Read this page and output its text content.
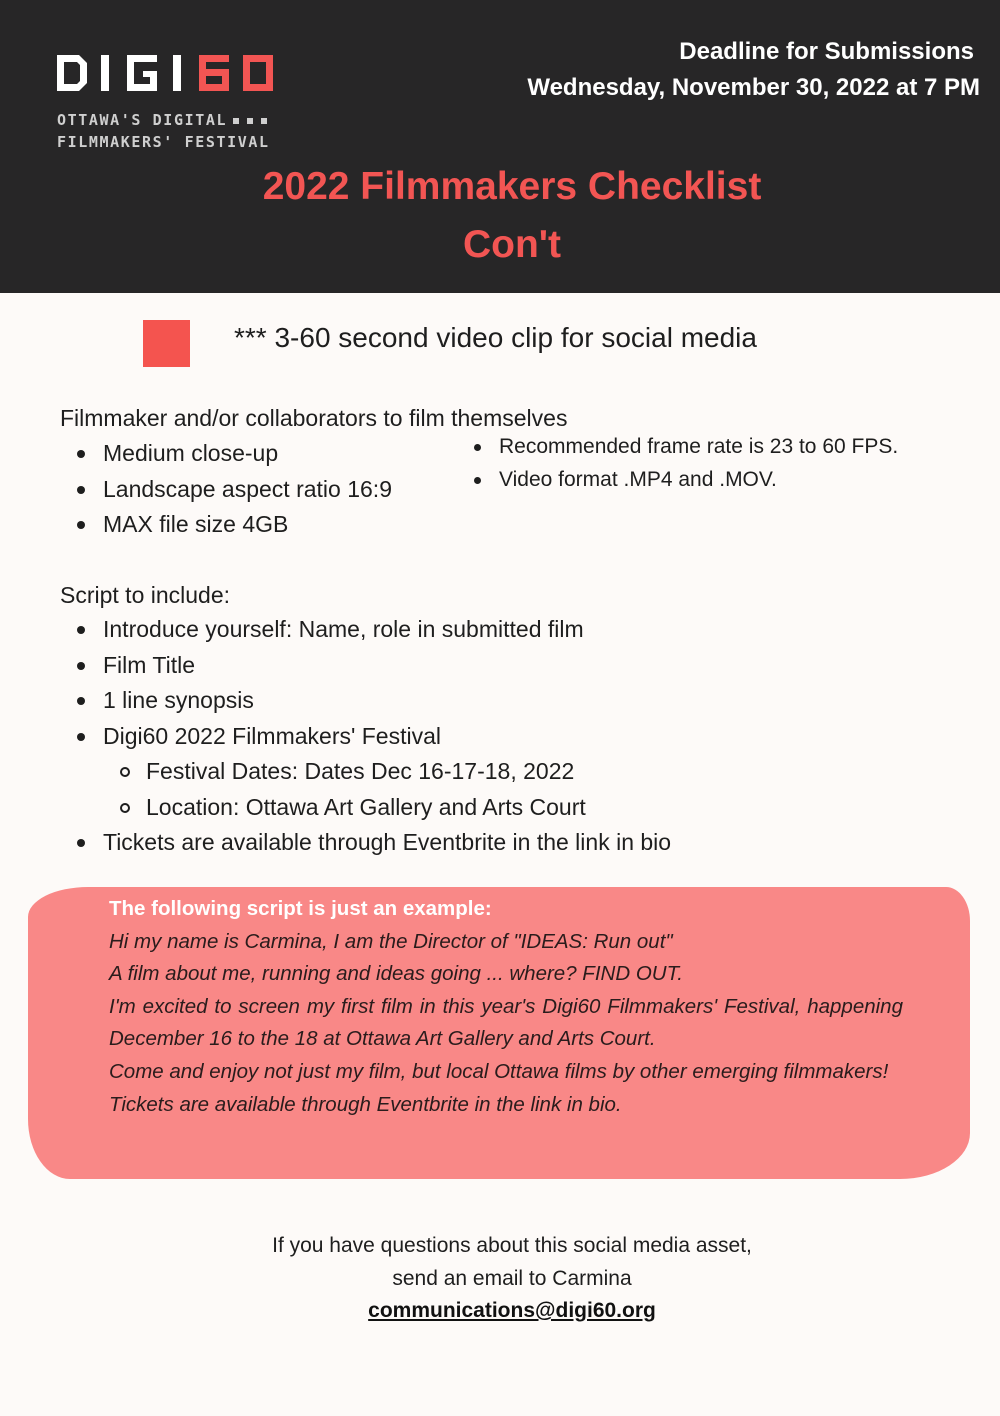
OTTAWA'S DIGITAL
FILMMAKERS' FESTIVAL
Deadline for Submissions
Wednesday, November 30, 2022 at 7 PM
2022 Filmmakers Checklist
Con't
*** 3-60 second video clip for social media
Filmmaker and/or collaborators to film themselves
Medium close-up
Landscape aspect ratio 16:9
MAX file size 4GB
Recommended frame rate is 23 to 60 FPS.
Video format .MP4 and .MOV.
Script to include:
Introduce yourself: Name, role in submitted film
Film Title
1 line synopsis
Digi60 2022 Filmmakers' Festival
Festival Dates: Dates Dec 16-17-18, 2022
Location: Ottawa Art Gallery and Arts Court
Tickets are available through Eventbrite in the link in bio
The following script is just an example:
Hi my name is Carmina, I am the Director of "IDEAS: Run out"
A film about me, running and ideas going ... where? FIND OUT.
I'm excited to screen my first film in this year's Digi60 Filmmakers' Festival, happening December 16 to the 18 at Ottawa Art Gallery and Arts Court.
Come and enjoy not just my film, but local Ottawa films by other emerging filmmakers!
Tickets are available through Eventbrite in the link in bio.
If you have questions about this social media asset,
send an email to Carmina
communications@digi60.org
